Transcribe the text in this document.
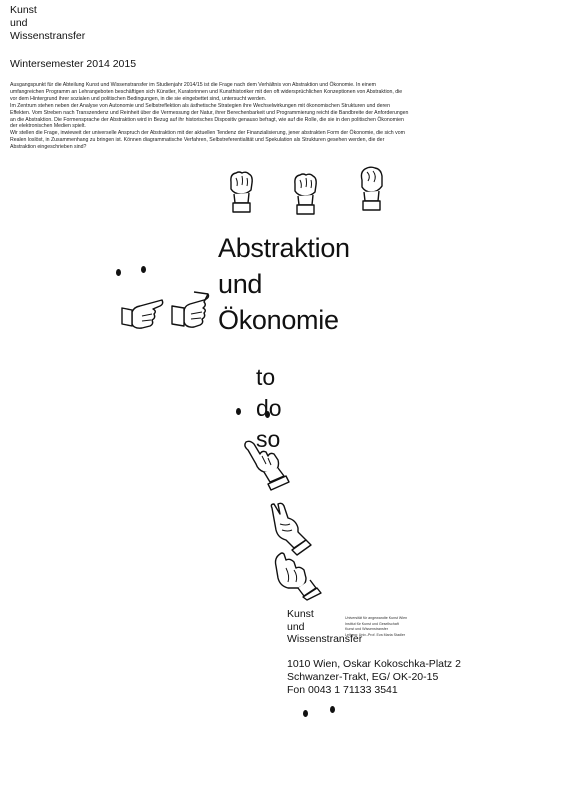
Kunst
und
Wissenstransfer
Wintersemester 2014 2015

Ausgangspunkt für die Abteilung Kunst und Wissenstransfer im Studienjahr 2014/15 ist die Frage nach dem Verhältnis von Abstraktion und Ökonomie. In einem umfangreichen Programm an Lehrangeboten beschäftigen sich Künstler, Kuratorinnen und Kunsthistoriker mit den oft widersprüchlichen Konzeptionen von Abstraktion, die vor dem Hintergrund ihrer sozialen und politischen Bedingungen, in die sie eingebettet sind, untersucht werden.

Im Zentrum stehen neben der Analyse von Autonomie und Selbstreflektion als ästhetische Strategien ihre Wechselwirkungen mit ökonomischen Strukturen und deren Effekten. Vom Streben nach Transzendenz und Reinheit über die Vermessung der Natur, ihrer Berechenbarkeit und Programmierung reicht die Bandbreite der Anforderungen an die Abstraktion. Die Formensprache der Abstraktion wird in Bezug auf ihr historisches Dispositiv genauso befragt, wie auf die Rolle, die sie in den politischen Ökonomien der elektronischen Medien spielt.

Wir stellen die Frage, inwieweit der universelle Anspruch der Abstraktion mit der aktuellen Tendenz der Finanzialisierung, jener abstrakten Form der Ökonomie, die sich vom Realen loslöst, in Zusammenhang zu bringen ist. Können diagrammatische Verfahren, Selbstreferentialität und Spekulation als Strukturen gesehen werden, die der Abstraktion eingeschrieben sind?

Abstraktion
und
Ökonomie
to
do
so
Kunst
und
Wissenstransfer
Universität für angewandte Kunst Wien
Institut für Kunst und Gesellschaft
Kunst und Wissenstransfer
Leitung: Univ.-Prof. Eva Maria Stadler
1010 Wien, Oskar Kokoschka-Platz 2
Schwanzer-Trakt, EG/ OK-20-15
Fon 0043 1 71133 3541
